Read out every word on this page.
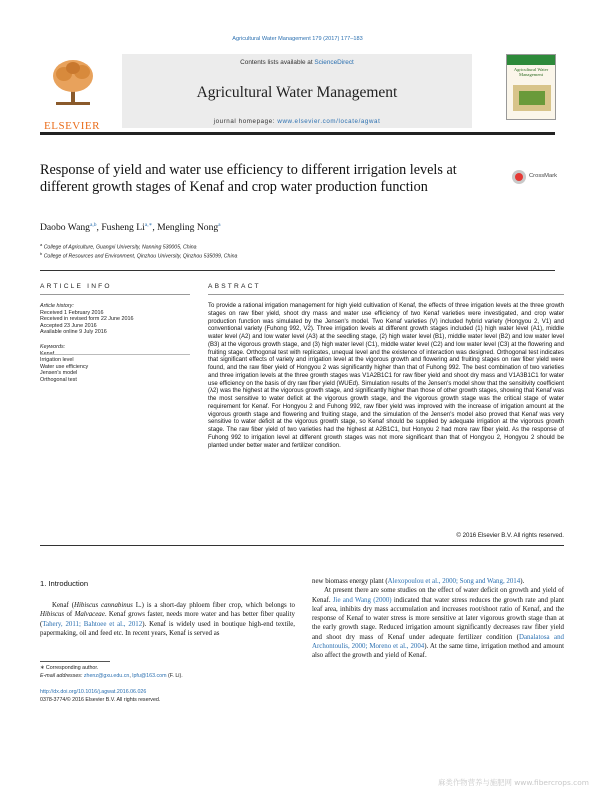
Agricultural Water Management 179 (2017) 177–183
ELSEVIER
Contents lists available at ScienceDirect
Agricultural Water Management
journal homepage: www.elsevier.com/locate/agwat
Agricultural Water Management
Response of yield and water use efficiency to different irrigation levels at different growth stages of Kenaf and crop water production function
CrossMark
Daobo Wang$^{a,b}$, Fusheng $Li^{a,∗}$, Mengling Nong$^a$
$^a$ College of Agriculture, Guangxi University, Nanning 530005, China
$^b$ College of Resources and Environment, Qinzhou University, Qinzhou 535099, China
ARTICLE INFO	ABSTRACT
Article history:
Received 1 February 2016
Received in revised form 22 June 2016
Accepted 23 June 2016
Available online 9 July 2016
Keywords:
Irrigation level
Water use efficiency
Jensen's model
Orthogonal test
To provide a rational irrigation management for high yield cultivation of Kenaf, the effects of three irrigation levels at the three growth stages on raw fiber yield, shoot dry mass and water use efficiency of two Kenaf varieties were investigated, and crop water production function was simulated by the Jensen's model. Two Kenaf varieties (V) included hybrid variety (Hongyou 2, V1) and conventional variety (Fuhong 992, V2). Three irrigation levels at different growth stages included (1) high water level (A1), middle water level (A2) and low water level (A3) at the seedling stage, (2) high water level (B1), middle water level (B2) and low water level (B3) at the vigorous growth stage, and (3) high water level (C1), middle water level (C2) and low water level (C3) at the flowering and fruiting stage. Orthogonal test with replicates, unequal level and the existence of interaction was designed. Orthogonal test indicates that significant effects of variety and irrigation level at the vigorous growth and flowering and fruiting stages on raw fiber yield were found, and the raw fiber yield of Hongyou 2 was significantly higher than that of Fuhong 992. The best combination of two varieties and three irrigation levels at the three growth stages was V1A2B1C1 for raw fiber yield and shoot dry mass and V1A3B1C1 for water use efficiency on the basis of dry raw fiber yield (WUEd). Simulation results of the Jensen's model show that the sensitivity coefficient (λ2) was the highest at the vigorous growth stage, and significantly higher than those of other growth stages, showing that Kenaf was the most sensitive to water deficit at the vigorous growth stage, and the vigorous growth stage was the critical stage of water requirement for Kenaf. For Hongyou 2 and Fuhong 992, raw fiber yield was improved with the increase of irrigation amount at the vigorous growth stage and flowering and fruiting stage, and the simulation of the Jensen's model also proved that Kenaf was very sensitive to water deficit at the vigorous growth stage, so Kenaf should be supplied by adequate irrigation at the vigorous growth stage. The raw fiber yield of two varieties had the highest at A2B1C1, but Honyou 2 had more raw fiber yield. As the response of Fuhong 992 to irrigation level at different growth stages was not more significant than that of Hongyou 2, Hongyou 2 should be planted under better water and fertilizer condition.
© 2016 Elsevier B.V. All rights reserved.
1. Introduction
Kenaf (Hibiscus cannabinus L.) is a short-day phloem fiber crop, which belongs to Hibiscus of Malvaceae. Kenaf grows faster, needs more water and has better fiber quality (Tahery, 2011; Bahtoee et al., 2012). Kenaf is widely used in boutique high-end textile, papermaking, oil and feed etc. In recent years, Kenaf is served as
new biomass energy plant (Alexopoulou et al., 2000; Song and Wang, 2014).
At present there are some studies on the effect of water deficit on growth and yield of Kenaf. Jie and Wang (2000) indicated that water stress reduces the growth rate and plant leaf area, inhibits dry mass accumulation and increases root/shoot ratio of Kenaf, and the response of Kenaf to water stress is more sensitive at later vigorous growth stage than at the early growth stage. Reduced irrigation amount significantly decreases raw fiber yield and shoot dry mass of Kenaf under adequate fertilizer condition (Danalatosa and Archontoulis, 2000; Moreno et al., 2004). At the same time, irrigation method and amount also affect the growth and yield of Kenaf.
∗ Corresponding author.
E-mail addresses: zhenz@gxu.edu.cn, lpfu@163.com (F. Li).
http://dx.doi.org/10.1016/j.agwat.2016.06.026
0378-3774/© 2016 Elsevier B.V. All rights reserved.
麻类作物营养与施肥网 www.fibercrops.com
